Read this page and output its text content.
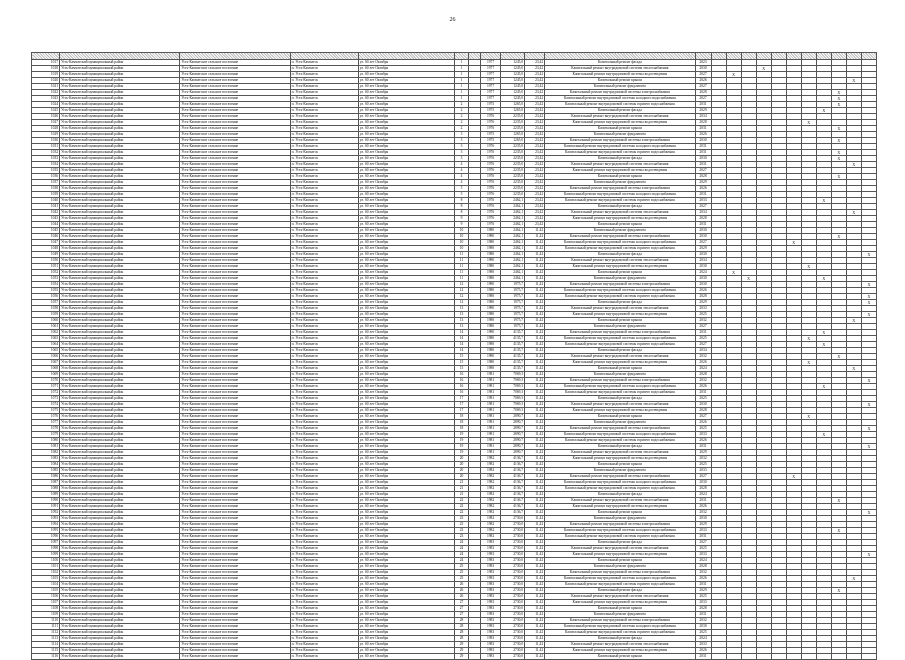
26

1017	Усть-Камчатский муниципальный район	Усть-Камчатское сельское поселение	п. Усть-Камчатск	ул. 60 лет Октября	1		1977	1245,0	23,42	Капитальный ремонт фасада	2023											
1018	Усть-Камчатский муниципальный район	Усть-Камчатское сельское поселение	п. Усть-Камчатск	ул. 60 лет Октября	1		1977	1245,0	23,42	Капитальный ремонт внутридомовой системы теплоснабжения	2030				X							
1019	Усть-Камчатский муниципальный район	Усть-Камчатское сельское поселение	п. Усть-Камчатск	ул. 60 лет Октября	1		1977	1245,0	23,42	Капитальный ремонт внутридомовой системы водоотведения	2027		X									
1020	Усть-Камчатский муниципальный район	Усть-Камчатское сельское поселение	п. Усть-Камчатск	ул. 60 лет Октября	1		1977	1245,0	23,42	Капитальный ремонт крыши	2026										X	
1021	Усть-Камчатский муниципальный район	Усть-Камчатское сельское поселение	п. Усть-Камчатск	ул. 60 лет Октября	1		1977	1245,0	23,42	Капитальный ремонт фундамента	2027											
1022	Усть-Камчатский муниципальный район	Усть-Камчатское сельское поселение	п. Усть-Камчатск	ул. 60 лет Октября	1		1977	1245,0	23,42	Капитальный ремонт внутридомовой системы электроснабжения	2028									X		
1023	Усть-Камчатский муниципальный район	Усть-Камчатское сельское поселение	п. Усть-Камчатск	ул. 60 лет Октября	1		1977	1245,0	23,42	Капитальный ремонт внутридомовой системы холодного водоснабжения	2027									X		
1024	Усть-Камчатский муниципальный район	Усть-Камчатское сельское поселение	п. Усть-Камчатск	ул. 60 лет Октября	2		1975	1265,0	23,42	Капитальный ремонт внутридомовой системы горячего водоснабжения	2031									X		
1025	Усть-Камчатский муниципальный район	Усть-Камчатское сельское поселение	п. Усть-Камчатск	ул. 60 лет Октября	2		1975	1265,0	23,42	Капитальный ремонт фасада	2029								X			
1026	Усть-Камчатский муниципальный район	Усть-Камчатское сельское поселение	п. Усть-Камчатск	ул. 60 лет Октября	2		1976	2235,0	23,42	Капитальный ремонт внутридомовой системы теплоснабжения	2034											
1027	Усть-Камчатский муниципальный район	Усть-Камчатское сельское поселение	п. Усть-Камчатск	ул. 60 лет Октября	2		1976	2235,0	23,42	Капитальный ремонт внутридомовой системы водоотведения	2028							X				
1028	Усть-Камчатский муниципальный район	Усть-Камчатское сельское поселение	п. Усть-Камчатск	ул. 60 лет Октября	2		1976	2235,0	23,42	Капитальный ремонт крыши	2031									X		
1029	Усть-Камчатский муниципальный район	Усть-Камчатское сельское поселение	п. Усть-Камчатск	ул. 60 лет Октября	3		1975	1265,0	23,42	Капитальный ремонт фундамента	2026											
1030	Усть-Камчатский муниципальный район	Усть-Камчатское сельское поселение	п. Усть-Камчатск	ул. 60 лет Октября	3		1975	1265,0	23,42	Капитальный ремонт внутридомовой системы электроснабжения	2030									X		
1031	Усть-Камчатский муниципальный район	Усть-Камчатское сельское поселение	п. Усть-Камчатск	ул. 60 лет Октября	3		1976	2235,0	23,42	Капитальный ремонт внутридомовой системы холодного водоснабжения	2031											
1032	Усть-Камчатский муниципальный район	Усть-Камчатское сельское поселение	п. Усть-Камчатск	ул. 60 лет Октября	3		1976	2235,0	23,42	Капитальный ремонт внутридомовой системы горячего водоснабжения	2031									X		
1033	Усть-Камчатский муниципальный район	Усть-Камчатское сельское поселение	п. Усть-Камчатск	ул. 60 лет Октября	3		1976	2235,0	23,42	Капитальный ремонт фасада	2030									X		
1034	Усть-Камчатский муниципальный район	Усть-Камчатское сельское поселение	п. Усть-Камчатск	ул. 60 лет Октября	4		1976	2235,0	23,42	Капитальный ремонт внутридомовой системы теплоснабжения	2031										X	
1035	Усть-Камчатский муниципальный район	Усть-Камчатское сельское поселение	п. Усть-Камчатск	ул. 60 лет Октября	4		1976	2235,0	23,42	Капитальный ремонт внутридомовой системы водоотведения	2027											
1036	Усть-Камчатский муниципальный район	Усть-Камчатское сельское поселение	п. Усть-Камчатск	ул. 60 лет Октября	4		1976	2235,0	23,42	Капитальный ремонт крыши	2028									X		
1037	Усть-Камчатский муниципальный район	Усть-Камчатское сельское поселение	п. Усть-Камчатск	ул. 60 лет Октября	4		1976	2235,0	23,42	Капитальный ремонт фундамента	2029											
1038	Усть-Камчатский муниципальный район	Усть-Камчатское сельское поселение	п. Усть-Камчатск	ул. 60 лет Октября	5		1976	2235,0	23,42	Капитальный ремонт внутридомовой системы электроснабжения	2026											
1039	Усть-Камчатский муниципальный район	Усть-Камчатское сельское поселение	п. Усть-Камчатск	ул. 60 лет Октября	5		1976	2235,0	23,42	Капитальный ремонт внутридомовой системы холодного водоснабжения	2031											
1040	Усть-Камчатский муниципальный район	Усть-Камчатское сельское поселение	п. Усть-Камчатск	ул. 60 лет Октября	8		1976	2462,1	23,42	Капитальный ремонт внутридомовой системы горячего водоснабжения	2033								X			
1041	Усть-Камчатский муниципальный район	Усть-Камчатское сельское поселение	п. Усть-Камчатск	ул. 60 лет Октября	8		1976	2462,1	23,42	Капитальный ремонт фасада	2027											
1042	Усть-Камчатский муниципальный район	Усть-Камчатское сельское поселение	п. Усть-Камчатск	ул. 60 лет Октября	8		1976	2462,1	23,42	Капитальный ремонт внутридомовой системы теплоснабжения	2034										X	
1043	Усть-Камчатский муниципальный район	Усть-Камчатское сельское поселение	п. Усть-Камчатск	ул. 60 лет Октября	9		1976	2462,1	23,42	Капитальный ремонт внутридомовой системы водоотведения	2028											
1044	Усть-Камчатский муниципальный район	Усть-Камчатское сельское поселение	п. Усть-Камчатск	ул. 60 лет Октября	9		1976	2462,1	23,42	Капитальный ремонт крыши	2031											
1045	Усть-Камчатский муниципальный район	Усть-Камчатское сельское поселение	п. Усть-Камчатск	ул. 60 лет Октября	10		1980	2462,1	11,42	Капитальный ремонт фундамента	2030											
1046	Усть-Камчатский муниципальный район	Усть-Камчатское сельское поселение	п. Усть-Камчатск	ул. 60 лет Октября	10		1980	2462,1	11,42	Капитальный ремонт внутридомовой системы электроснабжения	2030									X		
1047	Усть-Камчатский муниципальный район	Усть-Камчатское сельское поселение	п. Усть-Камчатск	ул. 60 лет Октября	10		1980	2462,1	11,42	Капитальный ремонт внутридомовой системы холодного водоснабжения	2027						X					
1048	Усть-Камчатский муниципальный район	Усть-Камчатское сельское поселение	п. Усть-Камчатск	ул. 60 лет Октября	10		1980	2462,1	11,42	Капитальный ремонт внутридомовой системы горячего водоснабжения	2029											
1049	Усть-Камчатский муниципальный район	Усть-Камчатское сельское поселение	п. Усть-Камчатск	ул. 60 лет Октября	11		1980	2462,1	11,42	Капитальный ремонт фасада	2030											X
1050	Усть-Камчатский муниципальный район	Усть-Камчатское сельское поселение	п. Усть-Камчатск	ул. 60 лет Октября	11		1980	2462,1	11,42	Капитальный ремонт внутридомовой системы теплоснабжения	2034											
1051	Усть-Камчатский муниципальный район	Усть-Камчатское сельское поселение	п. Усть-Камчатск	ул. 60 лет Октября	11		1980	2462,1	11,42	Капитальный ремонт внутридомовой системы водоотведения	2030							X				
1052	Усть-Камчатский муниципальный район	Усть-Камчатское сельское поселение	п. Усть-Камчатск	ул. 60 лет Октября	11		1980	2462,1	11,42	Капитальный ремонт крыши	2024		X									
1053	Усть-Камчатский муниципальный район	Усть-Камчатское сельское поселение	п. Усть-Камчатск	ул. 60 лет Октября	11		1980	2462,1	11,42	Капитальный ремонт фундамента	2030			X					X			
1054	Усть-Камчатский муниципальный район	Усть-Камчатское сельское поселение	п. Усть-Камчатск	ул. 60 лет Октября	12		1980	1975,7	11,42	Капитальный ремонт внутридомовой системы электроснабжения	2030											X
1055	Усть-Камчатский муниципальный район	Усть-Камчатское сельское поселение	п. Усть-Камчатск	ул. 60 лет Октября	12		1980	1975,7	11,42	Капитальный ремонт внутридомовой системы холодного водоснабжения	2026											
1056	Усть-Камчатский муниципальный район	Усть-Камчатское сельское поселение	п. Усть-Камчатск	ул. 60 лет Октября	12		1980	1975,7	11,42	Капитальный ремонт внутридомовой системы горячего водоснабжения	2028											X
1057	Усть-Камчатский муниципальный район	Усть-Камчатское сельское поселение	п. Усть-Камчатск	ул. 60 лет Октября	12		1980	1975,7	11,42	Капитальный ремонт фасада	2029											X
1058	Усть-Камчатский муниципальный район	Усть-Камчатское сельское поселение	п. Усть-Камчатск	ул. 60 лет Октября	13		1980	1975,7	11,42	Капитальный ремонт внутридомовой системы теплоснабжения	2033											
1059	Усть-Камчатский муниципальный район	Усть-Камчатское сельское поселение	п. Усть-Камчатск	ул. 60 лет Октября	13		1980	1975,7	11,42	Капитальный ремонт внутридомовой системы водоотведения	2025											X
1060	Усть-Камчатский муниципальный район	Усть-Камчатское сельское поселение	п. Усть-Камчатск	ул. 60 лет Октября	13		1980	1975,7	11,42	Капитальный ремонт крыши	2032										X	
1061	Усть-Камчатский муниципальный район	Усть-Камчатское сельское поселение	п. Усть-Камчатск	ул. 60 лет Октября	13		1980	1975,7	11,42	Капитальный ремонт фундамента	2027											
1062	Усть-Камчатский муниципальный район	Усть-Камчатское сельское поселение	п. Усть-Камчатск	ул. 60 лет Октября	14		1980	4135,7	11,42	Капитальный ремонт внутридомовой системы электроснабжения	2031								X			
1063	Усть-Камчатский муниципальный район	Усть-Камчатское сельское поселение	п. Усть-Камчатск	ул. 60 лет Октября	14		1980	4135,7	11,42	Капитальный ремонт внутридомовой системы холодного водоснабжения	2025							X				
1064	Усть-Камчатский муниципальный район	Усть-Камчатское сельское поселение	п. Усть-Камчатск	ул. 60 лет Октября	14		1980	4135,7	11,42	Капитальный ремонт внутридомовой системы горячего водоснабжения	2027								X			
1065	Усть-Камчатский муниципальный район	Усть-Камчатское сельское поселение	п. Усть-Камчатск	ул. 60 лет Октября	14		1980	4135,7	11,42	Капитальный ремонт фасада	2034											
1066	Усть-Камчатский муниципальный район	Усть-Камчатское сельское поселение	п. Усть-Камчатск	ул. 60 лет Октября	15		1980	4135,7	11,42	Капитальный ремонт внутридомовой системы теплоснабжения	2032									X		
1067	Усть-Камчатский муниципальный район	Усть-Камчатское сельское поселение	п. Усть-Камчатск	ул. 60 лет Октября	15		1980	4135,7	11,42	Капитальный ремонт внутридомовой системы водоотведения	2026							X				
1068	Усть-Камчатский муниципальный район	Усть-Камчатское сельское поселение	п. Усть-Камчатск	ул. 60 лет Октября	15		1980	4135,7	11,42	Капитальный ремонт крыши	2024										X	
1069	Усть-Камчатский муниципальный район	Усть-Камчатское сельское поселение	п. Усть-Камчатск	ул. 60 лет Октября	16		1981	7069,3	11,42	Капитальный ремонт фундамента	2028											
1070	Усть-Камчатский муниципальный район	Усть-Камчатское сельское поселение	п. Усть-Камчатск	ул. 60 лет Октября	16		1981	7069,3	11,42	Капитальный ремонт внутридомовой системы электроснабжения	2032											X
1071	Усть-Камчатский муниципальный район	Усть-Камчатское сельское поселение	п. Усть-Камчатск	ул. 60 лет Октября	16		1981	7069,3	11,42	Капитальный ремонт внутридомовой системы холодного водоснабжения	2026								X			
1072	Усть-Камчатский муниципальный район	Усть-Камчатское сельское поселение	п. Усть-Камчатск	ул. 60 лет Октября	16		1981	7069,3	11,42	Капитальный ремонт внутридомовой системы горячего водоснабжения	2031											
1073	Усть-Камчатский муниципальный район	Усть-Камчатское сельское поселение	п. Усть-Камчатск	ул. 60 лет Октября	17		1981	7069,3	11,42	Капитальный ремонт фасада	2025											
1074	Усть-Камчатский муниципальный район	Усть-Камчатское сельское поселение	п. Усть-Камчатск	ул. 60 лет Октября	17		1981	7069,3	11,42	Капитальный ремонт внутридомовой системы теплоснабжения	2030											X
1075	Усть-Камчатский муниципальный район	Усть-Камчатское сельское поселение	п. Усть-Камчатск	ул. 60 лет Октября	17		1981	7069,3	11,42	Капитальный ремонт внутридомовой системы водоотведения	2028											
1076	Усть-Камчатский муниципальный район	Усть-Камчатское сельское поселение	п. Усть-Камчатск	ул. 60 лет Октября	18		1981	2890,7	11,42	Капитальный ремонт крыши	2027							X				
1077	Усть-Камчатский муниципальный район	Усть-Камчатское сельское поселение	п. Усть-Камчатск	ул. 60 лет Октября	18		1981	2890,7	11,42	Капитальный ремонт фундамента	2026											
1078	Усть-Камчатский муниципальный район	Усть-Камчатское сельское поселение	п. Усть-Камчатск	ул. 60 лет Октября	18		1981	2890,7	11,42	Капитальный ремонт внутридомовой системы электроснабжения	2025											X
1079	Усть-Камчатский муниципальный район	Усть-Камчатское сельское поселение	п. Усть-Камчатск	ул. 60 лет Октября	19		1981	2890,7	11,42	Капитальный ремонт внутридомовой системы холодного водоснабжения	2033								X			
1080	Усть-Камчатский муниципальный район	Усть-Камчатское сельское поселение	п. Усть-Камчатск	ул. 60 лет Октября	19		1981	2890,7	11,42	Капитальный ремонт внутридомовой системы горячего водоснабжения	2026											
1081	Усть-Камчатский муниципальный район	Усть-Камчатское сельское поселение	п. Усть-Камчатск	ул. 60 лет Октября	19		1981	2890,7	11,42	Капитальный ремонт фасада	2031											X
1082	Усть-Камчатский муниципальный район	Усть-Камчатское сельское поселение	п. Усть-Камчатск	ул. 60 лет Октября	19		1981	2890,7	11,42	Капитальный ремонт внутридомовой системы теплоснабжения	2029											
1083	Усть-Камчатский муниципальный район	Усть-Камчатское сельское поселение	п. Усть-Камчатск	ул. 60 лет Октября	20		1982	4136,7	11,42	Капитальный ремонт внутридомовой системы водоотведения	2032											
1084	Усть-Камчатский муниципальный район	Усть-Камчатское сельское поселение	п. Усть-Камчатск	ул. 60 лет Октября	20		1982	4136,7	11,42	Капитальный ремонт крыши	2025											
1085	Усть-Камчатский муниципальный район	Усть-Камчатское сельское поселение	п. Усть-Камчатск	ул. 60 лет Октября	20		1982	4136,7	11,42	Капитальный ремонт фундамента	2033											
1086	Усть-Камчатский муниципальный район	Усть-Камчатское сельское поселение	п. Усть-Камчатск	ул. 60 лет Октября	20		1982	4136,7	11,42	Капитальный ремонт внутридомовой системы электроснабжения	2027						X					
1087	Усть-Камчатский муниципальный район	Усть-Камчатское сельское поселение	п. Усть-Камчатск	ул. 60 лет Октября	21		1982	4136,7	11,42	Капитальный ремонт внутридомовой системы холодного водоснабжения	2030											
1088	Усть-Камчатский муниципальный район	Усть-Камчатское сельское поселение	п. Усть-Камчатск	ул. 60 лет Октября	21		1982	4136,7	11,42	Капитальный ремонт внутридомовой системы горячего водоснабжения	2028											
1089	Усть-Камчатский муниципальный район	Усть-Камчатское сельское поселение	п. Усть-Камчатск	ул. 60 лет Октября	21		1982	4136,7	11,42	Капитальный ремонт фасада	2024											
1090	Усть-Камчатский муниципальный район	Усть-Камчатское сельское поселение	п. Усть-Камчатск	ул. 60 лет Октября	22		1982	4136,7	11,42	Капитальный ремонт внутридомовой системы теплоснабжения	2031									X		
1091	Усть-Камчатский муниципальный район	Усть-Камчатское сельское поселение	п. Усть-Камчатск	ул. 60 лет Октября	22		1982	4136,7	11,42	Капитальный ремонт внутридомовой системы водоотведения	2026											
1092	Усть-Камчатский муниципальный район	Усть-Камчатское сельское поселение	п. Усть-Камчатск	ул. 60 лет Октября	22		1982	4136,7	11,42	Капитальный ремонт крыши	2032											X
1093	Усть-Камчатский муниципальный район	Усть-Камчатское сельское поселение	п. Усть-Камчатск	ул. 60 лет Октября	23		1982	2730,0	11,42	Капитальный ремонт фундамента	2030											
1094	Усть-Камчатский муниципальный район	Усть-Камчатское сельское поселение	п. Усть-Камчатск	ул. 60 лет Октября	23		1982	2730,0	11,42	Капитальный ремонт внутридомовой системы электроснабжения	2029											
1095	Усть-Камчатский муниципальный район	Усть-Камчатское сельское поселение	п. Усть-Камчатск	ул. 60 лет Октября	23		1982	2730,0	11,42	Капитальный ремонт внутридомовой системы холодного водоснабжения	2033									X		
1096	Усть-Камчатский муниципальный район	Усть-Камчатское сельское поселение	п. Усть-Камчатск	ул. 60 лет Октября	23		1982	2730,0	11,42	Капитальный ремонт внутридомовой системы горячего водоснабжения	2031											
1097	Усть-Камчатский муниципальный район	Усть-Камчатское сельское поселение	п. Усть-Камчатск	ул. 60 лет Октября	24		1983	2730,0	11,42	Капитальный ремонт фасада	2027											
1098	Усть-Камчатский муниципальный район	Усть-Камчатское сельское поселение	п. Усть-Камчатск	ул. 60 лет Октября	24		1983	2730,0	11,42	Капитальный ремонт внутридомовой системы теплоснабжения	2025											
1099	Усть-Камчатский муниципальный район	Усть-Камчатское сельское поселение	п. Усть-Камчатск	ул. 60 лет Октября	24		1983	2730,0	11,42	Капитальный ремонт внутридомовой системы водоотведения	2033											X
1100	Усть-Камчатский муниципальный район	Усть-Камчатское сельское поселение	п. Усть-Камчатск	ул. 60 лет Октября	24		1983	2730,0	11,42	Капитальный ремонт крыши	2024											
1101	Усть-Камчатский муниципальный район	Усть-Камчатское сельское поселение	п. Усть-Камчатск	ул. 60 лет Октября	25		1983	2730,0	11,42	Капитальный ремонт фундамента	2028											
1102	Усть-Камчатский муниципальный район	Усть-Камчатское сельское поселение	п. Усть-Камчатск	ул. 60 лет Октября	25		1983	2730,0	11,42	Капитальный ремонт внутридомовой системы электроснабжения	2032											
1103	Усть-Камчатский муниципальный район	Усть-Камчатское сельское поселение	п. Усть-Камчатск	ул. 60 лет Октября	25		1983	2730,0	11,42	Капитальный ремонт внутридомовой системы холодного водоснабжения	2026										X	
1104	Усть-Камчатский муниципальный район	Усть-Камчатское сельское поселение	п. Усть-Камчатск	ул. 60 лет Октября	26		1983	2730,0	11,42	Капитальный ремонт внутридомовой системы горячего водоснабжения	2031											
1105	Усть-Камчатский муниципальный район	Усть-Камчатское сельское поселение	п. Усть-Камчатск	ул. 60 лет Октября	26		1983	2730,0	11,42	Капитальный ремонт фасада	2029									X		
1106	Усть-Камчатский муниципальный район	Усть-Камчатское сельское поселение	п. Усть-Камчатск	ул. 60 лет Октября	26		1983	2730,0	11,42	Капитальный ремонт внутридомовой системы теплоснабжения	2025											
1107	Усть-Камчатский муниципальный район	Усть-Камчатское сельское поселение	п. Усть-Камчатск	ул. 60 лет Октября	27		1983	2730,0	11,42	Капитальный ремонт внутридомовой системы водоотведения	2033											
1108	Усть-Камчатский муниципальный район	Усть-Камчатское сельское поселение	п. Усть-Камчатск	ул. 60 лет Октября	27		1983	2730,0	11,42	Капитальный ремонт крыши	2028											
1109	Усть-Камчатский муниципальный район	Усть-Камчатское сельское поселение	п. Усть-Камчатск	ул. 60 лет Октября	27		1983	2730,0	11,42	Капитальный ремонт фундамента	2031											
1110	Усть-Камчатский муниципальный район	Усть-Камчатское сельское поселение	п. Усть-Камчатск	ул. 60 лет Октября	28		1983	2730,0	11,42	Капитальный ремонт внутридомовой системы электроснабжения	2032											
1111	Усть-Камчатский муниципальный район	Усть-Камчатское сельское поселение	п. Усть-Камчатск	ул. 60 лет Октября	28		1983	2730,0	11,42	Капитальный ремонт внутридомовой системы холодного водоснабжения	2030											
1112	Усть-Камчатский муниципальный район	Усть-Камчатское сельское поселение	п. Усть-Камчатск	ул. 60 лет Октября	28		1983	2730,0	11,42	Капитальный ремонт внутридомовой системы горячего водоснабжения	2025											
1113	Усть-Камчатский муниципальный район	Усть-Камчатское сельское поселение	п. Усть-Камчатск	ул. 60 лет Октября	28		1983	2730,0	11,42	Капитальный ремонт фасада	2024											
1114	Усть-Камчатский муниципальный район	Усть-Камчатское сельское поселение	п. Усть-Камчатск	ул. 60 лет Октября	29		1983	2730,0	11,42	Капитальный ремонт внутридомовой системы теплоснабжения	2033											
1115	Усть-Камчатский муниципальный район	Усть-Камчатское сельское поселение	п. Усть-Камчатск	ул. 60 лет Октября	29		1983	2730,0	11,42	Капитальный ремонт внутридомовой системы водоотведения	2026											
1116	Усть-Камчатский муниципальный район	Усть-Камчатское сельское поселение	п. Усть-Камчатск	ул. 60 лет Октября	29		1983	2730,0	11,42	Капитальный ремонт крыши	2031											
